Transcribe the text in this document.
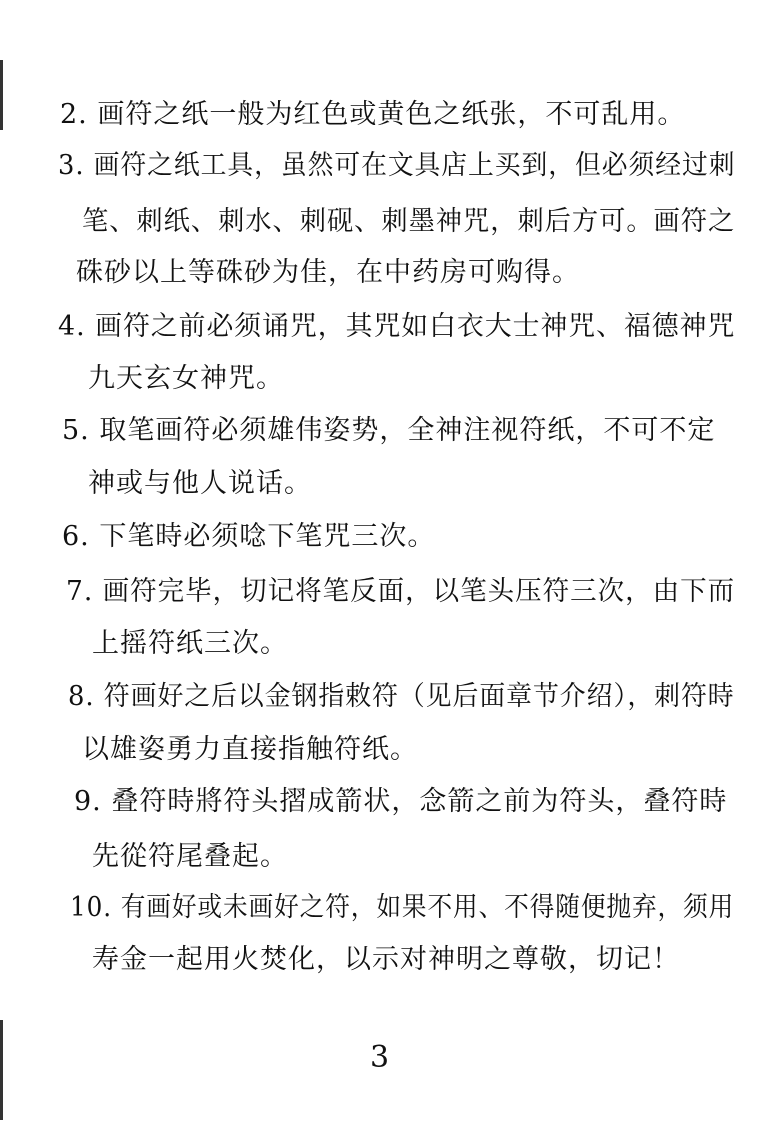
2. 画符之纸一般为红色或黄色之纸张，不可乱用。
3. 画符之纸工具，虽然可在文具店上买到，但必须经过刺
笔、刺纸、刺水、刺砚、刺墨神咒，刺后方可。画符之
硃砂以上等硃砂为佳，在中药房可购得。
4. 画符之前必须诵咒，其咒如白衣大士神咒、福德神咒
九天玄女神咒。
5. 取笔画符必须雄伟姿势，全神注视符纸，不可不定
神或与他人说话。
6. 下笔時必须唸下笔咒三次。
7. 画符完毕，切记将笔反面，以笔头压符三次，由下而
上摇符纸三次。
8. 符画好之后以金钢指敕符（见后面章节介绍），刺符時
以雄姿勇力直接指触符纸。
9. 叠符時將符头摺成箭状，念箭之前为符头，叠符時
先從符尾叠起。
10. 有画好或未画好之符，如果不用、不得随便抛弃，须用
寿金一起用火焚化，以示对神明之尊敬，切记！
3
